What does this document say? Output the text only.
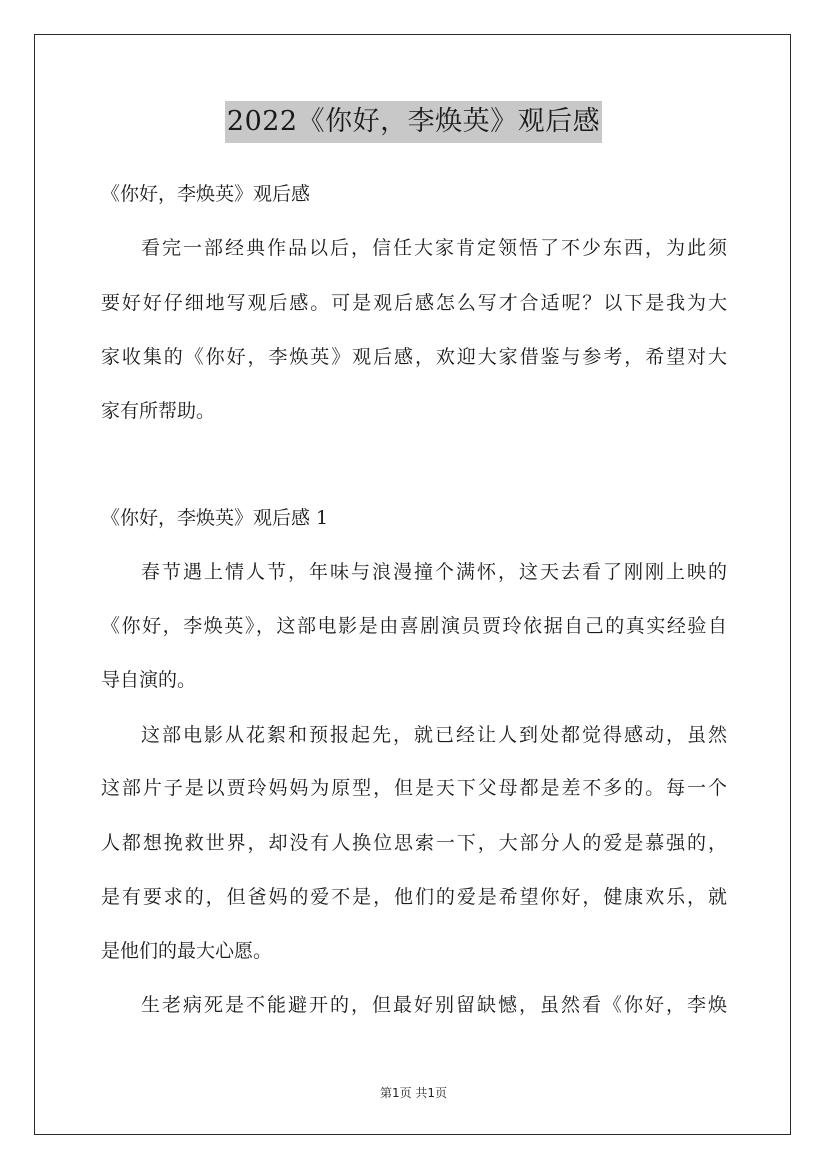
2022《你好，李焕英》观后感
《你好，李焕英》观后感
看完一部经典作品以后，信任大家肯定领悟了不少东西，为此须
要好好仔细地写观后感。可是观后感怎么写才合适呢？以下是我为大
家收集的《你好，李焕英》观后感，欢迎大家借鉴与参考，希望对大
家有所帮助。
《你好，李焕英》观后感 1
春节遇上情人节，年味与浪漫撞个满怀，这天去看了刚刚上映的
《你好，李焕英》，这部电影是由喜剧演员贾玲依据自己的真实经验自
导自演的。
这部电影从花絮和预报起先，就已经让人到处都觉得感动，虽然
这部片子是以贾玲妈妈为原型，但是天下父母都是差不多的。每一个
人都想挽救世界，却没有人换位思索一下，大部分人的爱是慕强的，
是有要求的，但爸妈的爱不是，他们的爱是希望你好，健康欢乐，就
是他们的最大心愿。
生老病死是不能避开的，但最好别留缺憾，虽然看《你好，李焕
第1页 共1页
